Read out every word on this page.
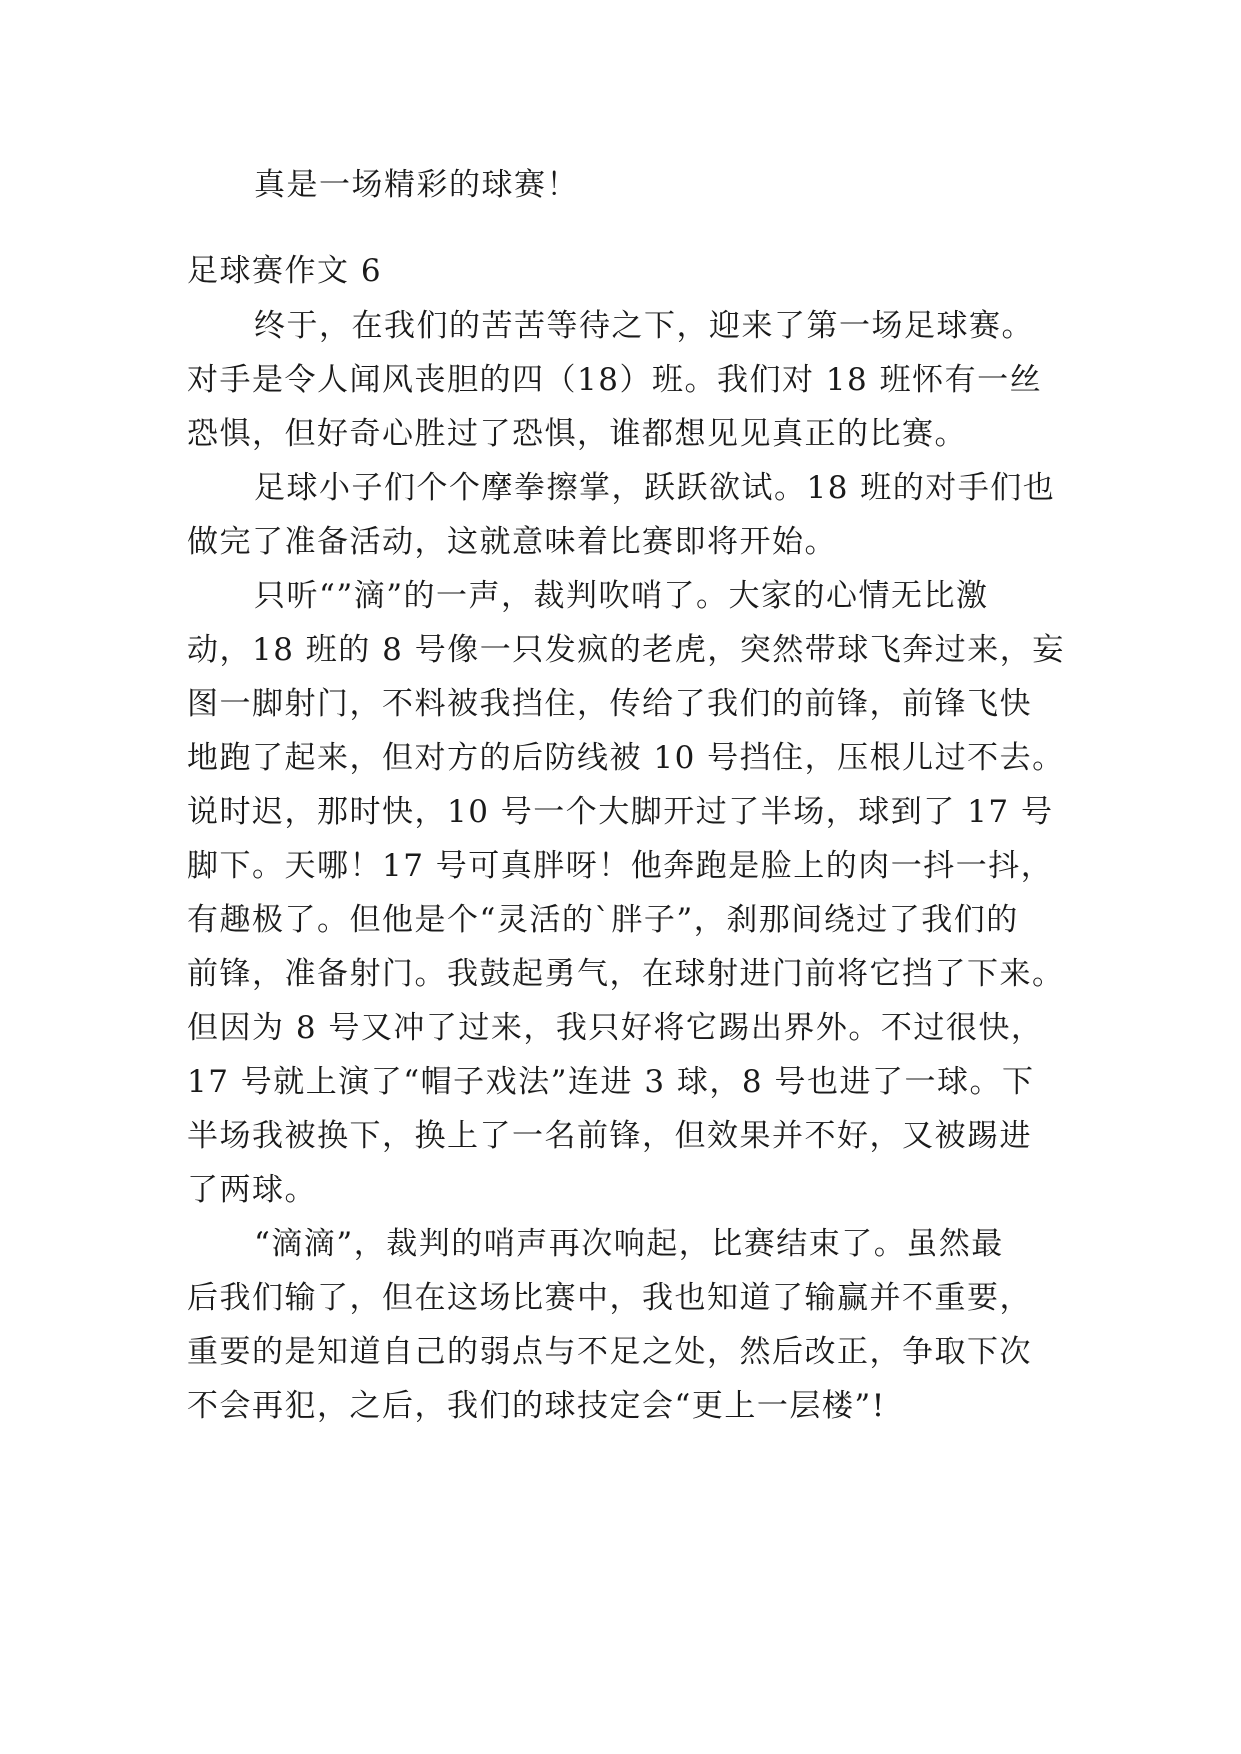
真是一场精彩的球赛！
足球赛作文 6
终于，在我们的苦苦等待之下，迎来了第一场足球赛。
对手是令人闻风丧胆的四（18）班。我们对 18 班怀有一丝
恐惧，但好奇心胜过了恐惧，谁都想见见真正的比赛。
足球小子们个个摩拳擦掌，跃跃欲试。18 班的对手们也
做完了准备活动，这就意味着比赛即将开始。
只听“”滴”的一声，裁判吹哨了。大家的心情无比激
动，18 班的 8 号像一只发疯的老虎，突然带球飞奔过来，妄
图一脚射门，不料被我挡住，传给了我们的前锋，前锋飞快
地跑了起来，但对方的后防线被 10 号挡住，压根儿过不去。
说时迟，那时快，10 号一个大脚开过了半场，球到了 17 号
脚下。天哪！17 号可真胖呀！他奔跑是脸上的肉一抖一抖，
有趣极了。但他是个“灵活的`胖子”，刹那间绕过了我们的
前锋，准备射门。我鼓起勇气，在球射进门前将它挡了下来。
但因为 8 号又冲了过来，我只好将它踢出界外。不过很快，
17 号就上演了“帽子戏法”连进 3 球，8 号也进了一球。下
半场我被换下，换上了一名前锋，但效果并不好，又被踢进
了两球。
“滴滴”，裁判的哨声再次响起，比赛结束了。虽然最
后我们输了，但在这场比赛中，我也知道了输赢并不重要，
重要的是知道自己的弱点与不足之处，然后改正，争取下次
不会再犯，之后，我们的球技定会“更上一层楼”!
